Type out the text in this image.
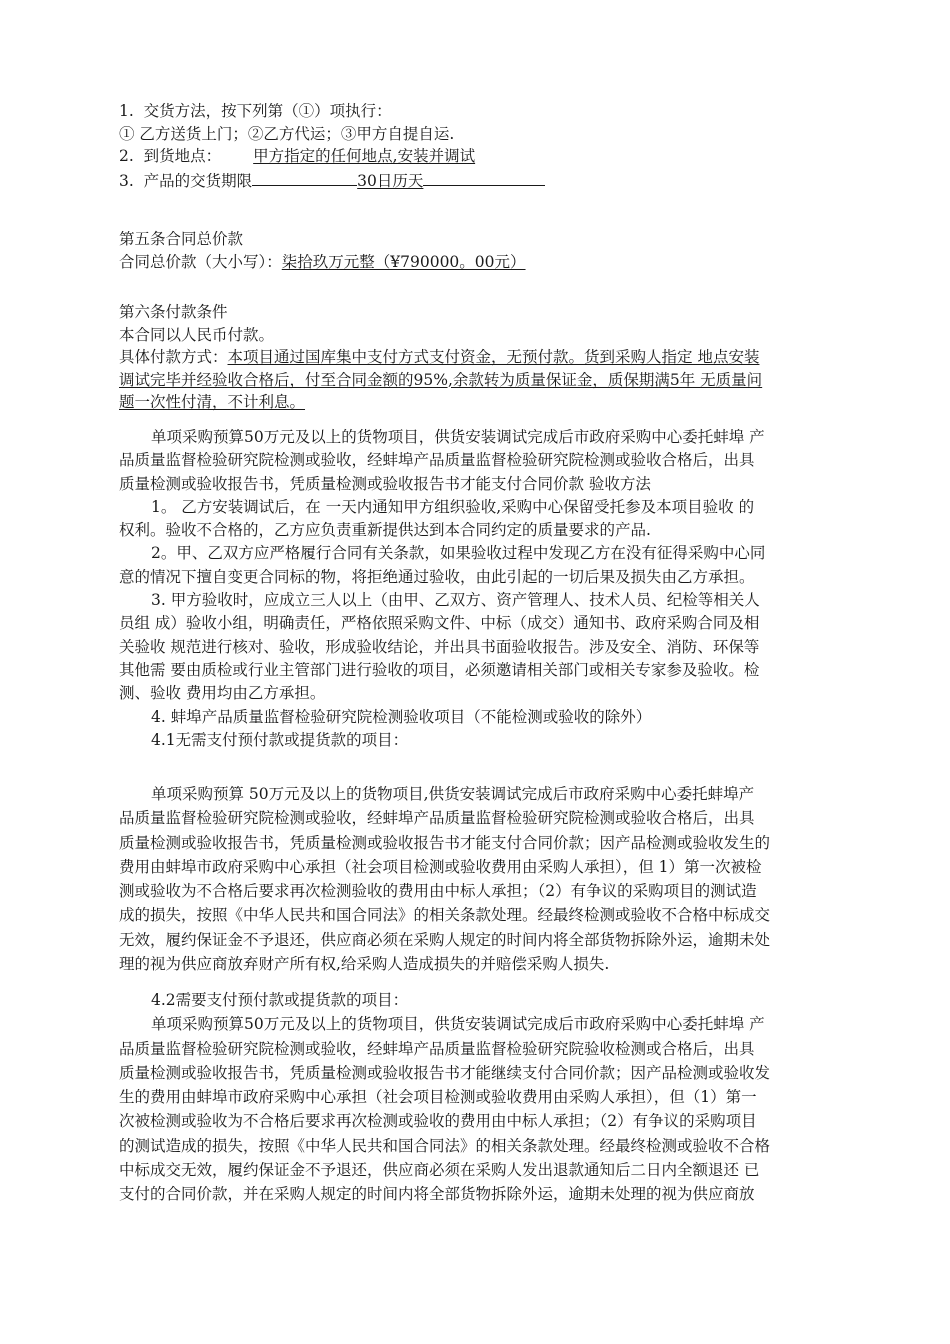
1. 交货方法，按下列第（①）项执行：
① 乙方送货上门；②乙方代运；③甲方自提自运.
2. 到货地点： 甲方指定的任何地点,安装并调试
3. 产品的交货期限	30日历天
第五条合同总价款
合同总价款（大小写）：柒拾玖万元整（¥790000。00元）
第六条付款条件
本合同以人民币付款。
具体付款方式：本项目通过国库集中支付方式支付资金，无预付款。货到采购人指定 地点安装
调试完毕并经验收合格后，付至合同金额的95%,余款转为质量保证金，质保期满5年 无质量问
题一次性付清，不计利息。
单项采购预算50万元及以上的货物项目，供货安装调试完成后市政府采购中心委托蚌埠 产
品质量监督检验研究院检测或验收，经蚌埠产品质量监督检验研究院检测或验收合格后，出具
质量检测或验收报告书，凭质量检测或验收报告书才能支付合同价款 验收方法
1。 乙方安装调试后，在 一天内通知甲方组织验收,采购中心保留受托参及本项目验收 的
权利。验收不合格的，乙方应负责重新提供达到本合同约定的质量要求的产品.
2。甲、乙双方应严格履行合同有关条款，如果验收过程中发现乙方在没有征得采购中心同
意的情况下擅自变更合同标的物，将拒绝通过验收，由此引起的一切后果及损失由乙方承担。
3. 甲方验收时，应成立三人以上（由甲、乙双方、资产管理人、技术人员、纪检等相关人
员组 成）验收小组，明确责任，严格依照采购文件、中标（成交）通知书、政府采购合同及相
关验收 规范进行核对、验收，形成验收结论，并出具书面验收报告。涉及安全、消防、环保等
其他需 要由质检或行业主管部门进行验收的项目，必须邀请相关部门或相关专家参及验收。检
测、验收 费用均由乙方承担。
4. 蚌埠产品质量监督检验研究院检测验收项目（不能检测或验收的除外）
4.1无需支付预付款或提货款的项目：
单项采购预算 50万元及以上的货物项目,供货安装调试完成后市政府采购中心委托蚌埠产
品质量监督检验研究院检测或验收，经蚌埠产品质量监督检验研究院检测或验收合格后，出具
质量检测或验收报告书，凭质量检测或验收报告书才能支付合同价款；因产品检测或验收发生的
费用由蚌埠市政府采购中心承担（社会项目检测或验收费用由采购人承担），但 1）第一次被检
测或验收为不合格后要求再次检测验收的费用由中标人承担；（2）有争议的采购项目的测试造
成的损失，按照《中华人民共和国合同法》的相关条款处理。经最终检测或验收不合格中标成交
无效，履约保证金不予退还，供应商必须在采购人规定的时间内将全部货物拆除外运，逾期未处
理的视为供应商放弃财产所有权,给采购人造成损失的并赔偿采购人损失.
4.2需要支付预付款或提货款的项目：
单项采购预算50万元及以上的货物项目，供货安装调试完成后市政府采购中心委托蚌埠 产
品质量监督检验研究院检测或验收，经蚌埠产品质量监督检验研究院验收检测或合格后，出具
质量检测或验收报告书，凭质量检测或验收报告书才能继续支付合同价款；因产品检测或验收发
生的费用由蚌埠市政府采购中心承担（社会项目检测或验收费用由采购人承担），但（1）第一
次被检测或验收为不合格后要求再次检测或验收的费用由中标人承担；（2）有争议的采购项目
的测试造成的损失，按照《中华人民共和国合同法》的相关条款处理。经最终检测或验收不合格
中标成交无效，履约保证金不予退还，供应商必须在采购人发出退款通知后二日内全额退还 已
支付的合同价款，并在采购人规定的时间内将全部货物拆除外运，逾期未处理的视为供应商放
